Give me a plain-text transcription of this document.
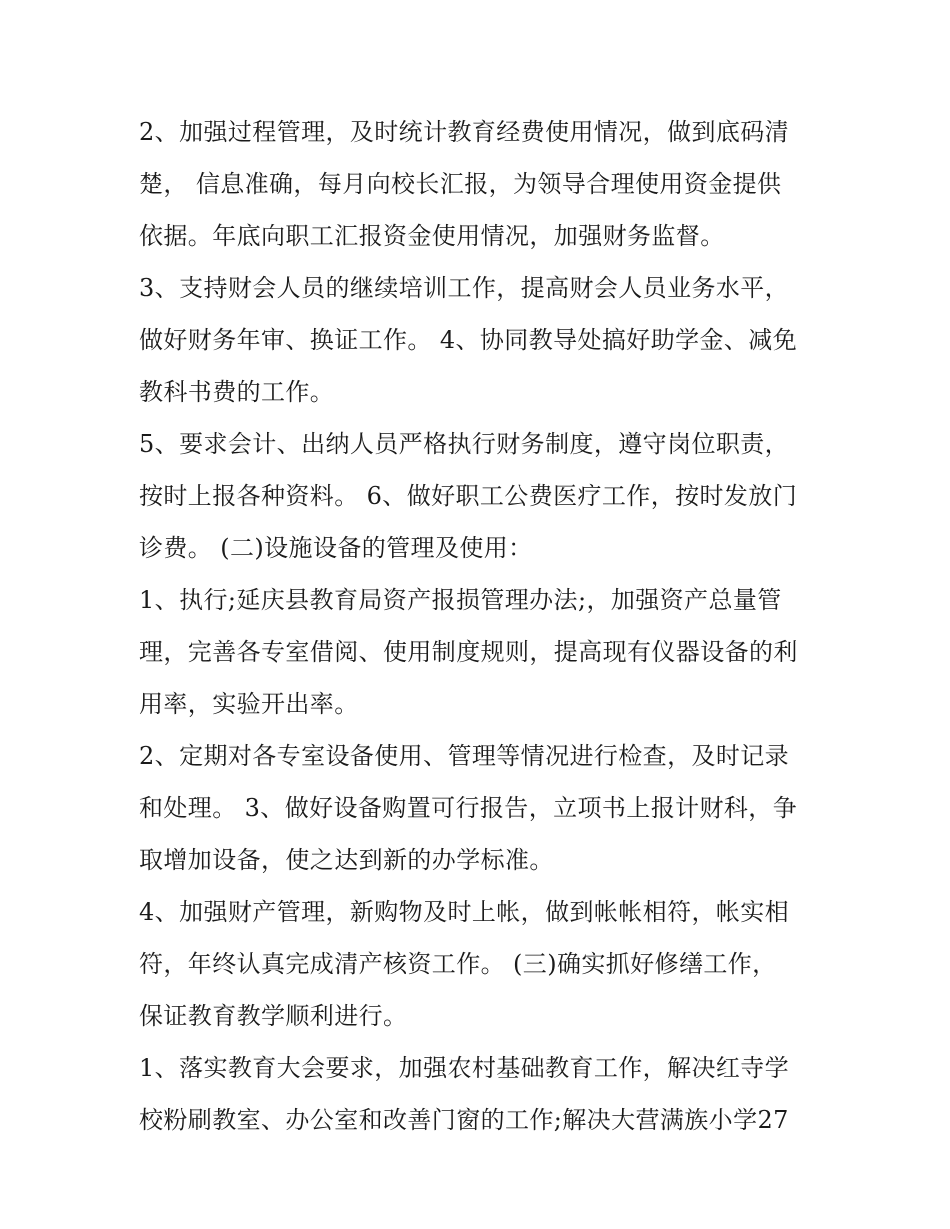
2、加强过程管理，及时统计教育经费使用情况，做到底码清
楚， 信息准确，每月向校长汇报，为领导合理使用资金提供
依据。年底向职工汇报资金使用情况，加强财务监督。
3、支持财会人员的继续培训工作，提高财会人员业务水平，
做好财务年审、换证工作。 4、协同教导处搞好助学金、减免
教科书费的工作。
5、要求会计、出纳人员严格执行财务制度，遵守岗位职责，
按时上报各种资料。 6、做好职工公费医疗工作，按时发放门
诊费。 (二)设施设备的管理及使用：
1、执行;延庆县教育局资产报损管理办法;，加强资产总量管
理，完善各专室借阅、使用制度规则，提高现有仪器设备的利
用率，实验开出率。
2、定期对各专室设备使用、管理等情况进行检查，及时记录
和处理。 3、做好设备购置可行报告，立项书上报计财科，争
取增加设备，使之达到新的办学标准。
4、加强财产管理，新购物及时上帐，做到帐帐相符，帐实相
符，年终认真完成清产核资工作。 (三)确实抓好修缮工作，
保证教育教学顺利进行。
1、落实教育大会要求，加强农村基础教育工作，解决红寺学
校粉刷教室、办公室和改善门窗的工作;解决大营满族小学27
